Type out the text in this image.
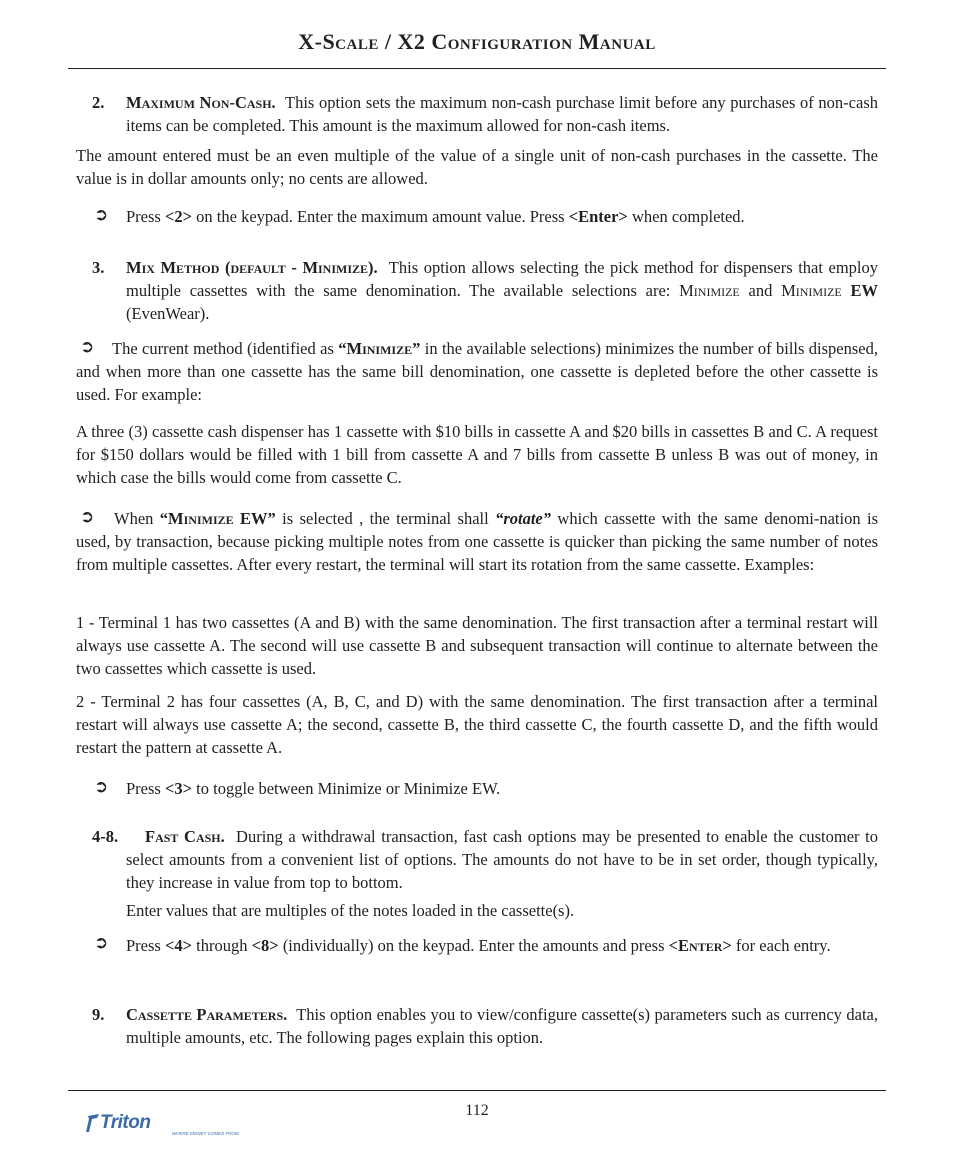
X-Scale / X2 Configuration Manual
2. Maximum Non-Cash. This option sets the maximum non-cash purchase limit before any purchases of non-cash items can be completed. This amount is the maximum allowed for non-cash items.

The amount entered must be an even multiple of the value of a single unit of non-cash purchases in the cassette. The value is in dollar amounts only; no cents are allowed.

➲ Press <2> on the keypad. Enter the maximum amount value. Press <Enter> when completed.

3. Mix Method (default - Minimize). This option allows selecting the pick method for dispensers that employ multiple cassettes with the same denomination. The available selections are: Minimize and Minimize EW (EvenWear).

➲	The current method (identified as “Minimize” in the available selections) minimizes the number of bills dispensed, and when more than one cassette has the same bill denomination, one cassette is depleted before the other cassette is used. For example:

A three (3) cassette cash dispenser has 1 cassette with $10 bills in cassette A and $20 bills in cassettes B and C. A request for $150 dollars would be filled with 1 bill from cassette A and 7 bills from cassette B unless B was out of money, in which case the bills would come from cassette C.

➲	When “Minimize EW” is selected , the terminal shall “rotate” which cassette with the same denomi-nation is used, by transaction, because picking multiple notes from one cassette is quicker than picking the same number of notes from multiple cassettes. After every restart, the terminal will start its rotation from the same cassette. Examples:

1 - Terminal 1 has two cassettes (A and B) with the same denomination. The first transaction after a terminal restart will always use cassette A. The second will use cassette B and subsequent transaction will continue to alternate between the two cassettes which cassette is used.

2 - Terminal 2 has four cassettes (A, B, C, and D) with the same denomination. The first transaction after a terminal restart will always use cassette A; the second, cassette B, the third cassette C, the fourth cassette D, and the fifth would restart the pattern at cassette A.

➲ Press <3> to toggle between Minimize or Minimize EW.

4-8.	Fast Cash. During a withdrawal transaction, fast cash options may be presented to enable the customer to select amounts from a convenient list of options. The amounts do not have to be in set order, though typically, they increase in value from top to bottom.

Enter values that are multiples of the notes loaded in the cassette(s).

➲ Press <4> through <8> (individually) on the keypad. Enter the amounts and press <Enter> for each entry.

9. Cassette Parameters. This option enables you to view/configure cassette(s) parameters such as currency data, multiple amounts, etc. The following pages explain this option.

112
Triton
WHERE MONEY COMES FROM.
